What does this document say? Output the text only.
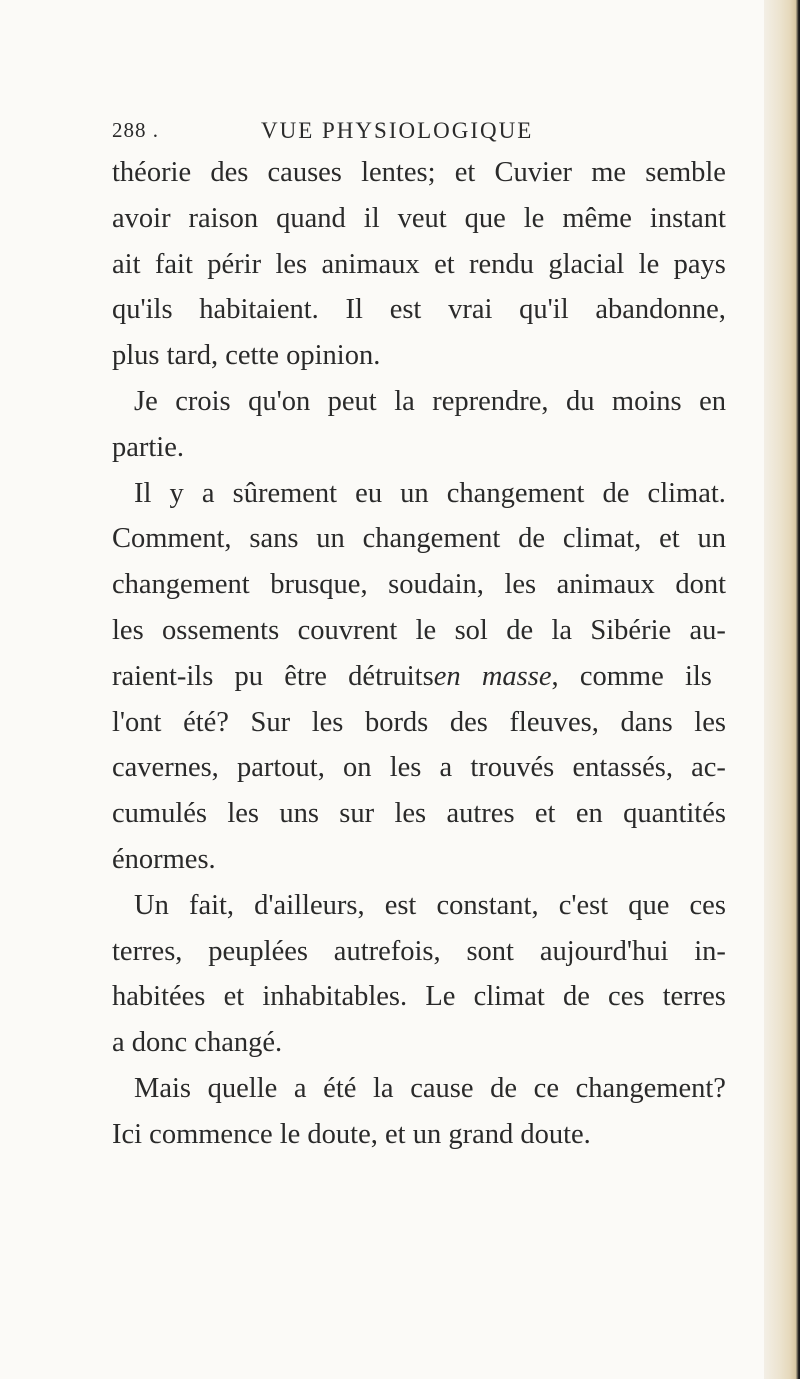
288 .	VUE PHYSIOLOGIQUE
théorie des causes lentes; et Cuvier me semble
avoir raison quand il veut que le même instant
ait fait périr les animaux et rendu glacial le pays
qu'ils habitaient. Il est vrai qu'il abandonne,
plus tard, cette opinion.
Je crois qu'on peut la reprendre, du moins en
partie.
Il y a sûrement eu un changement de climat.
Comment, sans un changement de climat, et un
changement brusque, soudain, les animaux dont
les ossements couvrent le sol de la Sibérie au-
raient-ils pu être détruitsen masse, comme ils
l'ont été? Sur les bords des fleuves, dans les
cavernes, partout, on les a trouvés entassés, ac-
cumulés les uns sur les autres et en quantités
énormes.
Un fait, d'ailleurs, est constant, c'est que ces
terres, peuplées autrefois, sont aujourd'hui in-
habitées et inhabitables. Le climat de ces terres
a donc changé.
Mais quelle a été la cause de ce changement?
Ici commence le doute, et un grand doute.
